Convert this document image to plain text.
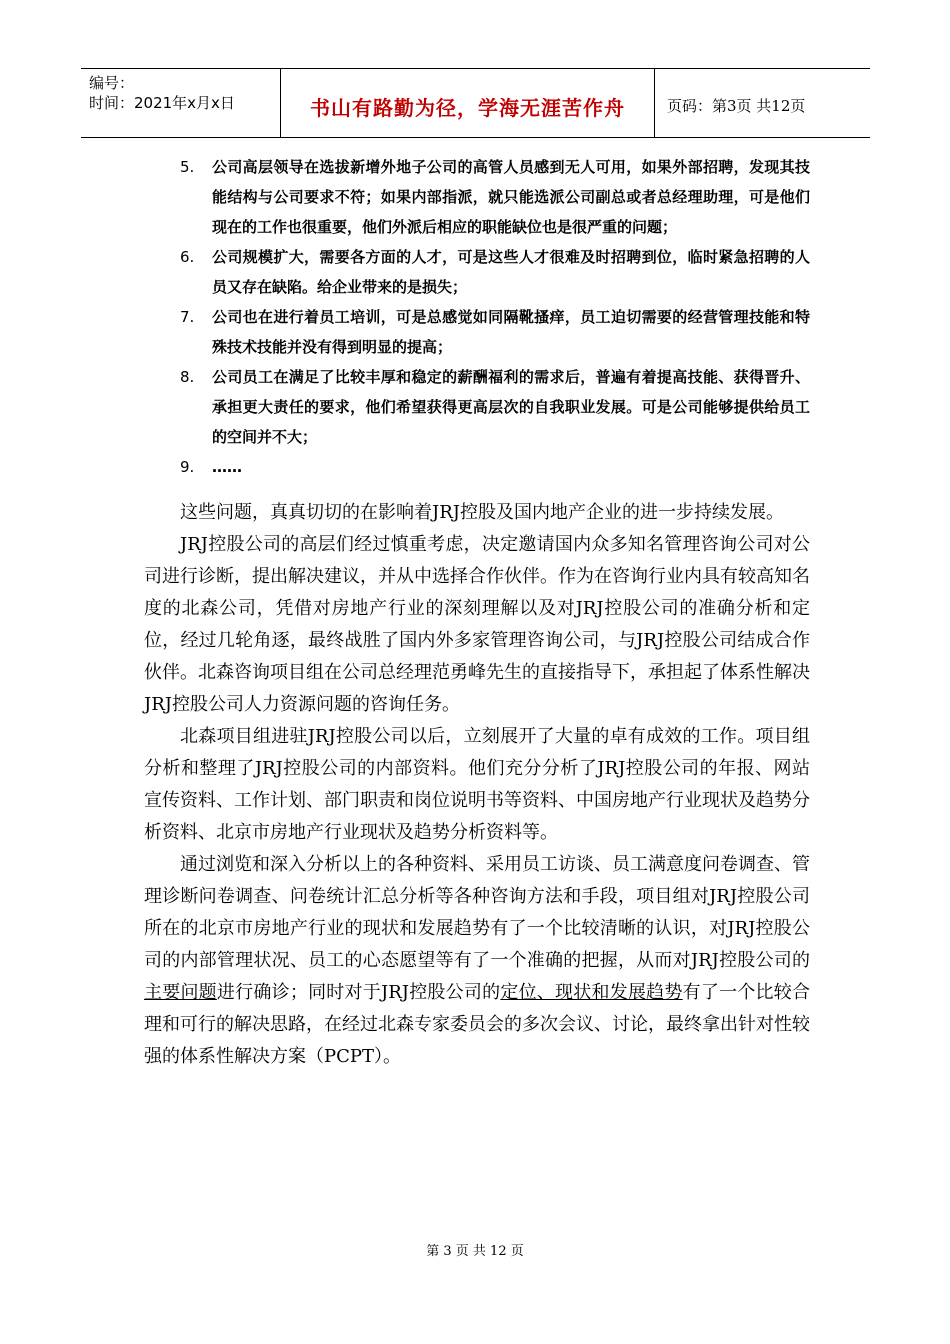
编号：
时间：2021年x月x日	书山有路勤为径，学海无涯苦作舟	页码：第3页 共12页
5.	公司高层领导在选拔新增外地子公司的高管人员感到无人可用，如果外部招聘，发现其技能结构与公司要求不符；如果内部指派，就只能选派公司副总或者总经理助理，可是他们现在的工作也很重要，他们外派后相应的职能缺位也是很严重的问题；
6.	公司规模扩大，需要各方面的人才，可是这些人才很难及时招聘到位，临时紧急招聘的人员又存在缺陷。给企业带来的是损失；
7.	公司也在进行着员工培训，可是总感觉如同隔靴搔痒，员工迫切需要的经营管理技能和特殊技术技能并没有得到明显的提高；
8.	公司员工在满足了比较丰厚和稳定的薪酬福利的需求后，普遍有着提高技能、获得晋升、承担更大责任的要求，他们希望获得更高层次的自我职业发展。可是公司能够提供给员工的空间并不大；
9.	……

这些问题，真真切切的在影响着JRJ控股及国内地产企业的进一步持续发展。

JRJ控股公司的高层们经过慎重考虑，决定邀请国内众多知名管理咨询公司对公司进行诊断，提出解决建议，并从中选择合作伙伴。作为在咨询行业内具有较高知名度的北森公司，凭借对房地产行业的深刻理解以及对JRJ控股公司的准确分析和定位，经过几轮角逐，最终战胜了国内外多家管理咨询公司，与JRJ控股公司结成合作伙伴。北森咨询项目组在公司总经理范勇峰先生的直接指导下，承担起了体系性解决JRJ控股公司人力资源问题的咨询任务。

北森项目组进驻JRJ控股公司以后，立刻展开了大量的卓有成效的工作。项目组分析和整理了JRJ控股公司的内部资料。他们充分分析了JRJ控股公司的年报、网站宣传资料、工作计划、部门职责和岗位说明书等资料、中国房地产行业现状及趋势分析资料、北京市房地产行业现状及趋势分析资料等。

通过浏览和深入分析以上的各种资料、采用员工访谈、员工满意度问卷调查、管理诊断问卷调查、问卷统计汇总分析等各种咨询方法和手段，项目组对JRJ控股公司所在的北京市房地产行业的现状和发展趋势有了一个比较清晰的认识，对JRJ控股公司的内部管理状况、员工的心态愿望等有了一个准确的把握，从而对JRJ控股公司的主要问题进行确诊；同时对于JRJ控股公司的定位、现状和发展趋势有了一个比较合理和可行的解决思路，在经过北森专家委员会的多次会议、讨论，最终拿出针对性较强的体系性解决方案（PCPT）。

第 3 页 共 12 页
